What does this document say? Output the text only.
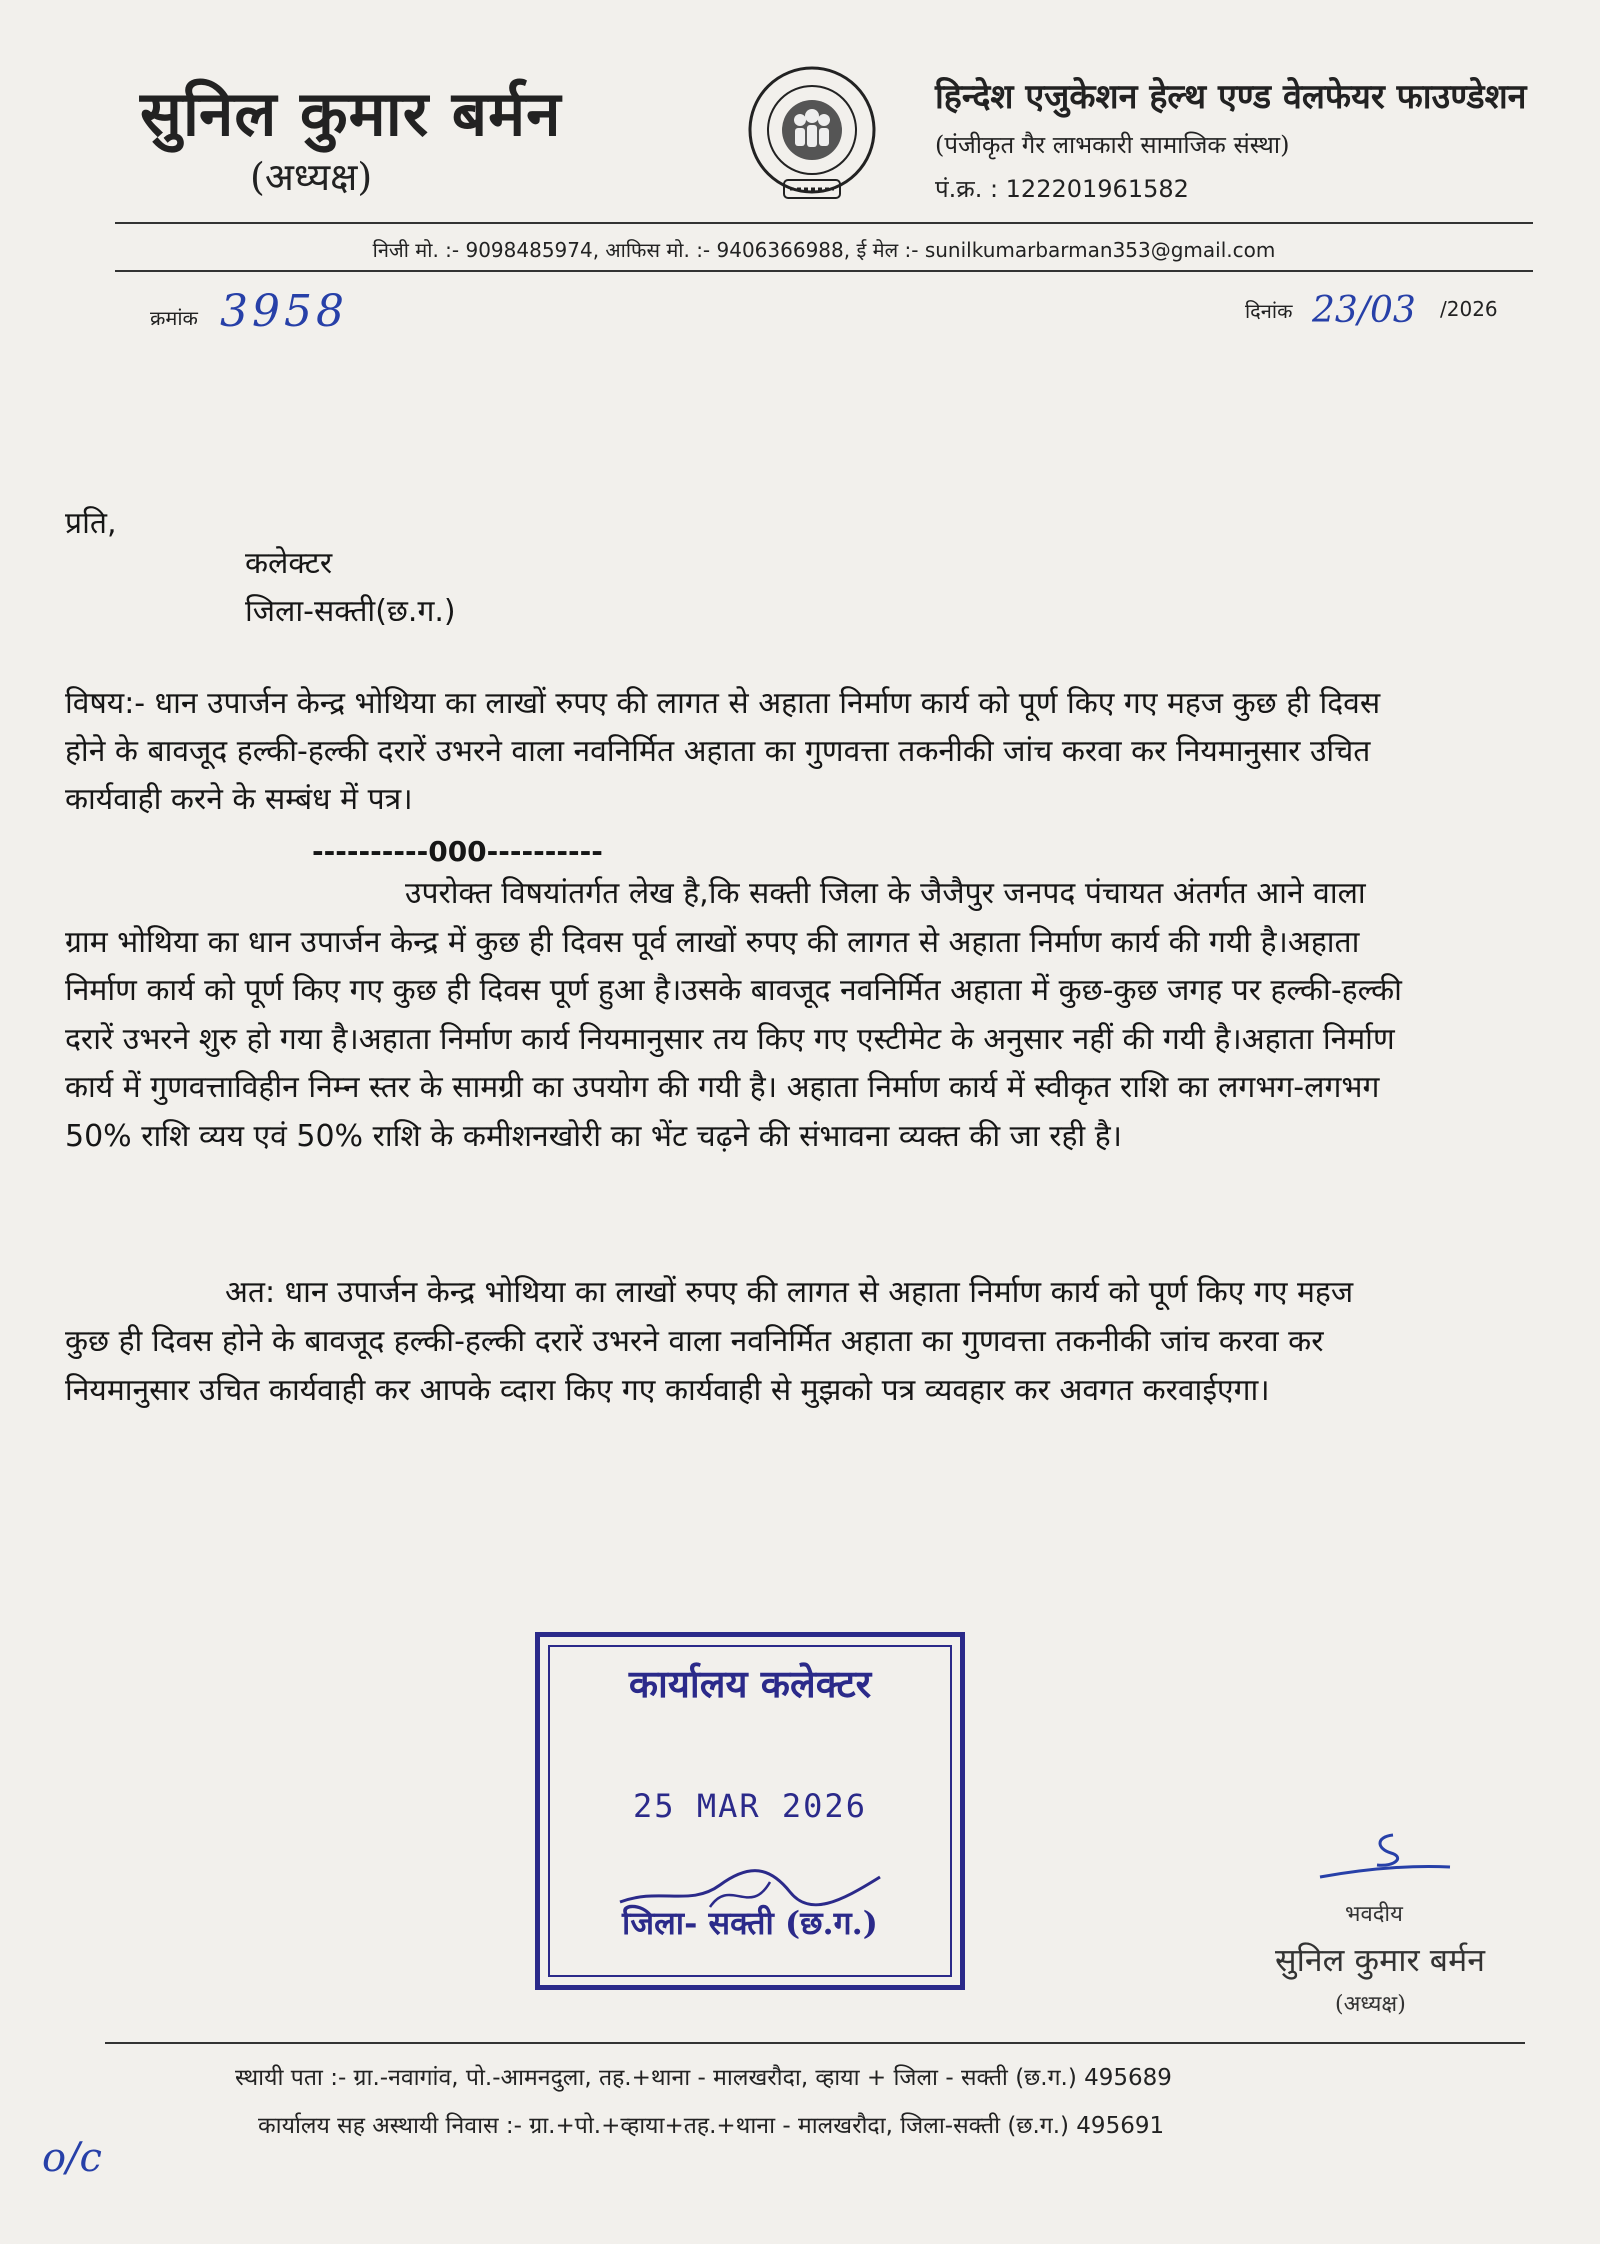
सुनिल कुमार बर्मन
(अध्यक्ष)
हिन्देश एजुकेशन हेल्थ एण्ड वेलफेयर फाउण्डेशन
(पंजीकृत गैर लाभकारी सामाजिक संस्था)
पं.क्र. : 122201961582
निजी मो. :- 9098485974, आफिस मो. :- 9406366988, ई मेल :- sunilkumarbarman353@gmail.com
क्रमांक 3958	दिनांक 23/03 /2026
प्रति,
कलेक्टर
जिला-सक्ती(छ.ग.)
विषय:- धान उपार्जन केन्द्र भोथिया का लाखों रुपए की लागत से अहाता निर्माण कार्य को पूर्ण किए गए महज कुछ ही दिवस होने के बावजूद हल्की-हल्की दरारें उभरने वाला नवनिर्मित अहाता का गुणवत्ता तकनीकी जांच करवा कर नियमानुसार उचित कार्यवाही करने के सम्बंध में पत्र।
----------000----------
उपरोक्त विषयांतर्गत लेख है,कि सक्ती जिला के जैजैपुर जनपद पंचायत अंतर्गत आने वाला ग्राम भोथिया का धान उपार्जन केन्द्र में कुछ ही दिवस पूर्व लाखों रुपए की लागत से अहाता निर्माण कार्य की गयी है।अहाता निर्माण कार्य को पूर्ण किए गए कुछ ही दिवस पूर्ण हुआ है।उसके बावजूद नवनिर्मित अहाता में कुछ-कुछ जगह पर हल्की-हल्की दरारें उभरने शुरु हो गया है।अहाता निर्माण कार्य नियमानुसार तय किए गए एस्टीमेट के अनुसार नहीं की गयी है।अहाता निर्माण कार्य में गुणवत्ताविहीन निम्न स्तर के सामग्री का उपयोग की गयी है। अहाता निर्माण कार्य में स्वीकृत राशि का लगभग-लगभग 50% राशि व्यय एवं 50% राशि के कमीशनखोरी का भेंट चढ़ने की संभावना व्यक्त की जा रही है।
अत: धान उपार्जन केन्द्र भोथिया का लाखों रुपए की लागत से अहाता निर्माण कार्य को पूर्ण किए गए महज कुछ ही दिवस होने के बावजूद हल्की-हल्की दरारें उभरने वाला नवनिर्मित अहाता का गुणवत्ता तकनीकी जांच करवा कर नियमानुसार उचित कार्यवाही कर आपके व्दारा किए गए कार्यवाही से मुझको पत्र व्यवहार कर अवगत करवाईएगा।
कार्यालय कलेक्टर
25 MAR 2026
जिला- सक्ती (छ.ग.)	भवदीय
सुनिल कुमार बर्मन
(अध्यक्ष)
स्थायी पता :- ग्रा.-नवागांव, पो.-आमनदुला, तह.+थाना - मालखरौदा, व्हाया + जिला - सक्ती (छ.ग.) 495689
कार्यालय सह अस्थायी निवास :- ग्रा.+पो.+व्हाया+तह.+थाना - मालखरौदा, जिला-सक्ती (छ.ग.) 495691
o/c
